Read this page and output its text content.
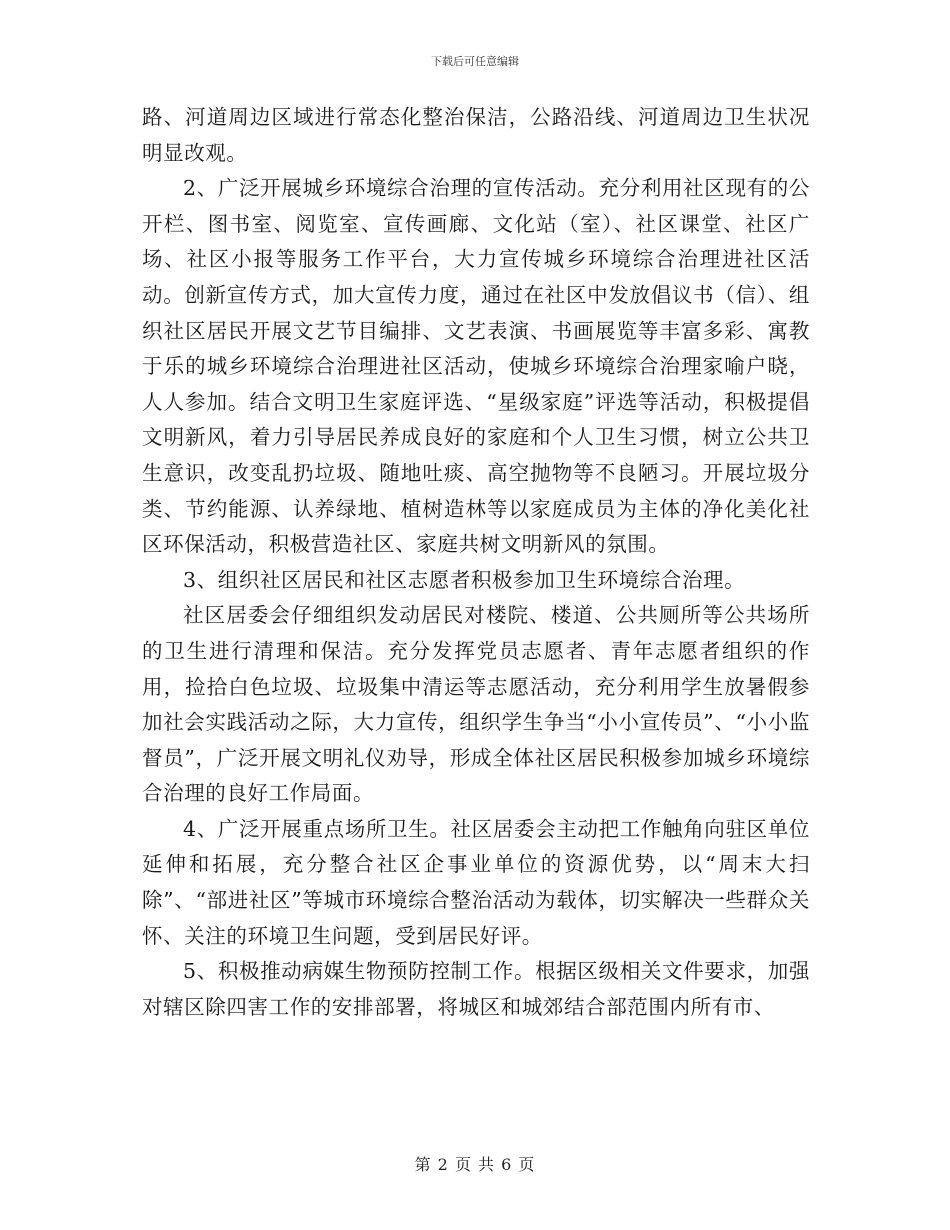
下载后可任意编辑

路、河道周边区域进行常态化整治保洁，公路沿线、河道周边卫生状况明显改观。

2、广泛开展城乡环境综合治理的宣传活动。充分利用社区现有的公开栏、图书室、阅览室、宣传画廊、文化站（室）、社区课堂、社区广场、社区小报等服务工作平台，大力宣传城乡环境综合治理进社区活动。创新宣传方式，加大宣传力度，通过在社区中发放倡议书（信）、组织社区居民开展文艺节目编排、文艺表演、书画展览等丰富多彩、寓教于乐的城乡环境综合治理进社区活动，使城乡环境综合治理家喻户晓，人人参加。结合文明卫生家庭评选、“星级家庭”评选等活动，积极提倡文明新风，着力引导居民养成良好的家庭和个人卫生习惯，树立公共卫生意识，改变乱扔垃圾、随地吐痰、高空抛物等不良陋习。开展垃圾分类、节约能源、认养绿地、植树造林等以家庭成员为主体的净化美化社区环保活动，积极营造社区、家庭共树文明新风的氛围。

3、组织社区居民和社区志愿者积极参加卫生环境综合治理。

社区居委会仔细组织发动居民对楼院、楼道、公共厕所等公共场所的卫生进行清理和保洁。充分发挥党员志愿者、青年志愿者组织的作用，捡拾白色垃圾、垃圾集中清运等志愿活动，充分利用学生放暑假参加社会实践活动之际，大力宣传，组织学生争当“小小宣传员”、“小小监督员”，广泛开展文明礼仪劝导，形成全体社区居民积极参加城乡环境综合治理的良好工作局面。

4、广泛开展重点场所卫生。社区居委会主动把工作触角向驻区单位延伸和拓展，充分整合社区企事业单位的资源优势，以“周末大扫除”、“部进社区”等城市环境综合整治活动为载体，切实解决一些群众关怀、关注的环境卫生问题，受到居民好评。

5、积极推动病媒生物预防控制工作。根据区级相关文件要求，加强对辖区除四害工作的安排部署，将城区和城郊结合部范围内所有市、

第 2 页 共 6 页
